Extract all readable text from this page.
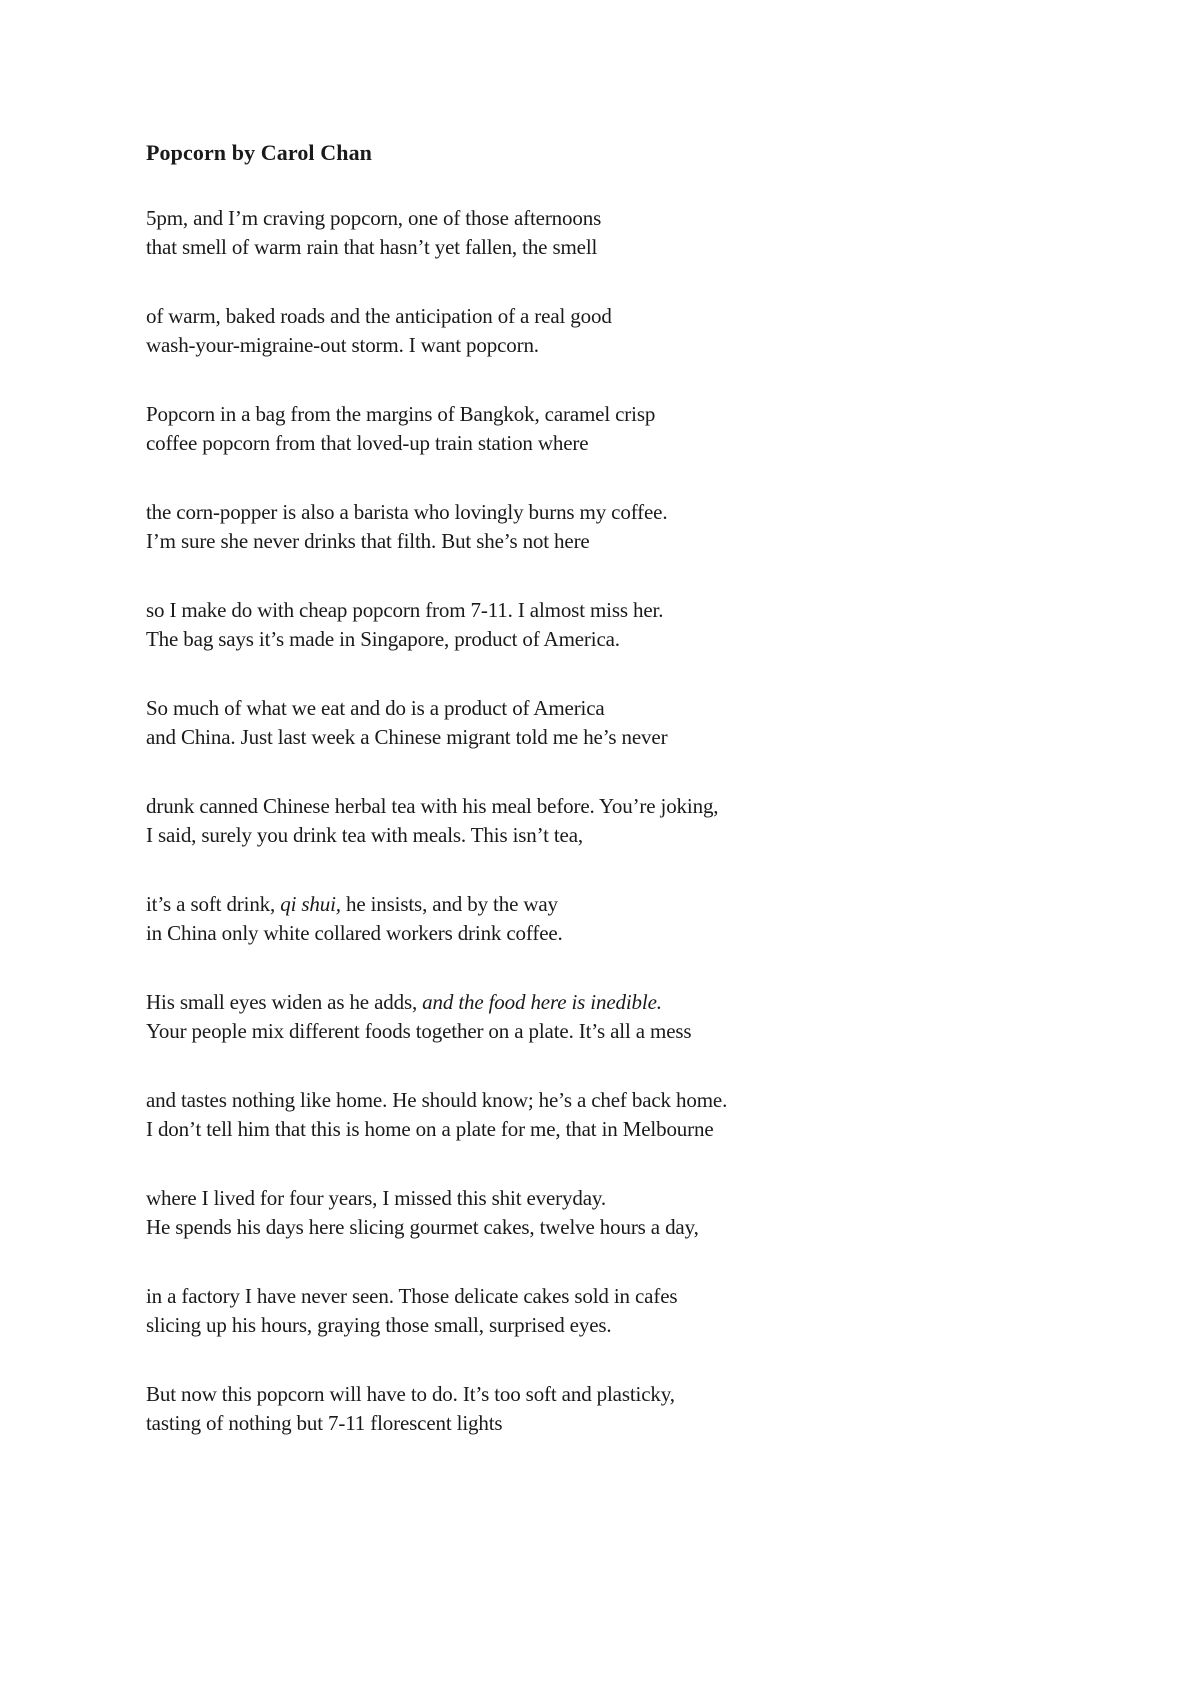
Popcorn by Carol Chan
5pm, and I’m craving popcorn, one of those afternoons
that smell of warm rain that hasn’t yet fallen, the smell
of warm, baked roads and the anticipation of a real good
wash-your-migraine-out storm. I want popcorn.
Popcorn in a bag from the margins of Bangkok, caramel crisp
coffee popcorn from that loved-up train station where
the corn-popper is also a barista who lovingly burns my coffee.
I’m sure she never drinks that filth. But she’s not here
so I make do with cheap popcorn from 7-11. I almost miss her.
The bag says it’s made in Singapore, product of America.
So much of what we eat and do is a product of America
and China. Just last week a Chinese migrant told me he’s never
drunk canned Chinese herbal tea with his meal before. You’re joking,
I said, surely you drink tea with meals. This isn’t tea,
it’s a soft drink, qi shui, he insists, and by the way
in China only white collared workers drink coffee.
His small eyes widen as he adds, and the food here is inedible.
Your people mix different foods together on a plate. It’s all a mess
and tastes nothing like home. He should know; he’s a chef back home.
I don’t tell him that this is home on a plate for me, that in Melbourne
where I lived for four years, I missed this shit everyday.
He spends his days here slicing gourmet cakes, twelve hours a day,
in a factory I have never seen. Those delicate cakes sold in cafes
slicing up his hours, graying those small, surprised eyes.
But now this popcorn will have to do. It’s too soft and plasticky,
tasting of nothing but 7-11 florescent lights
